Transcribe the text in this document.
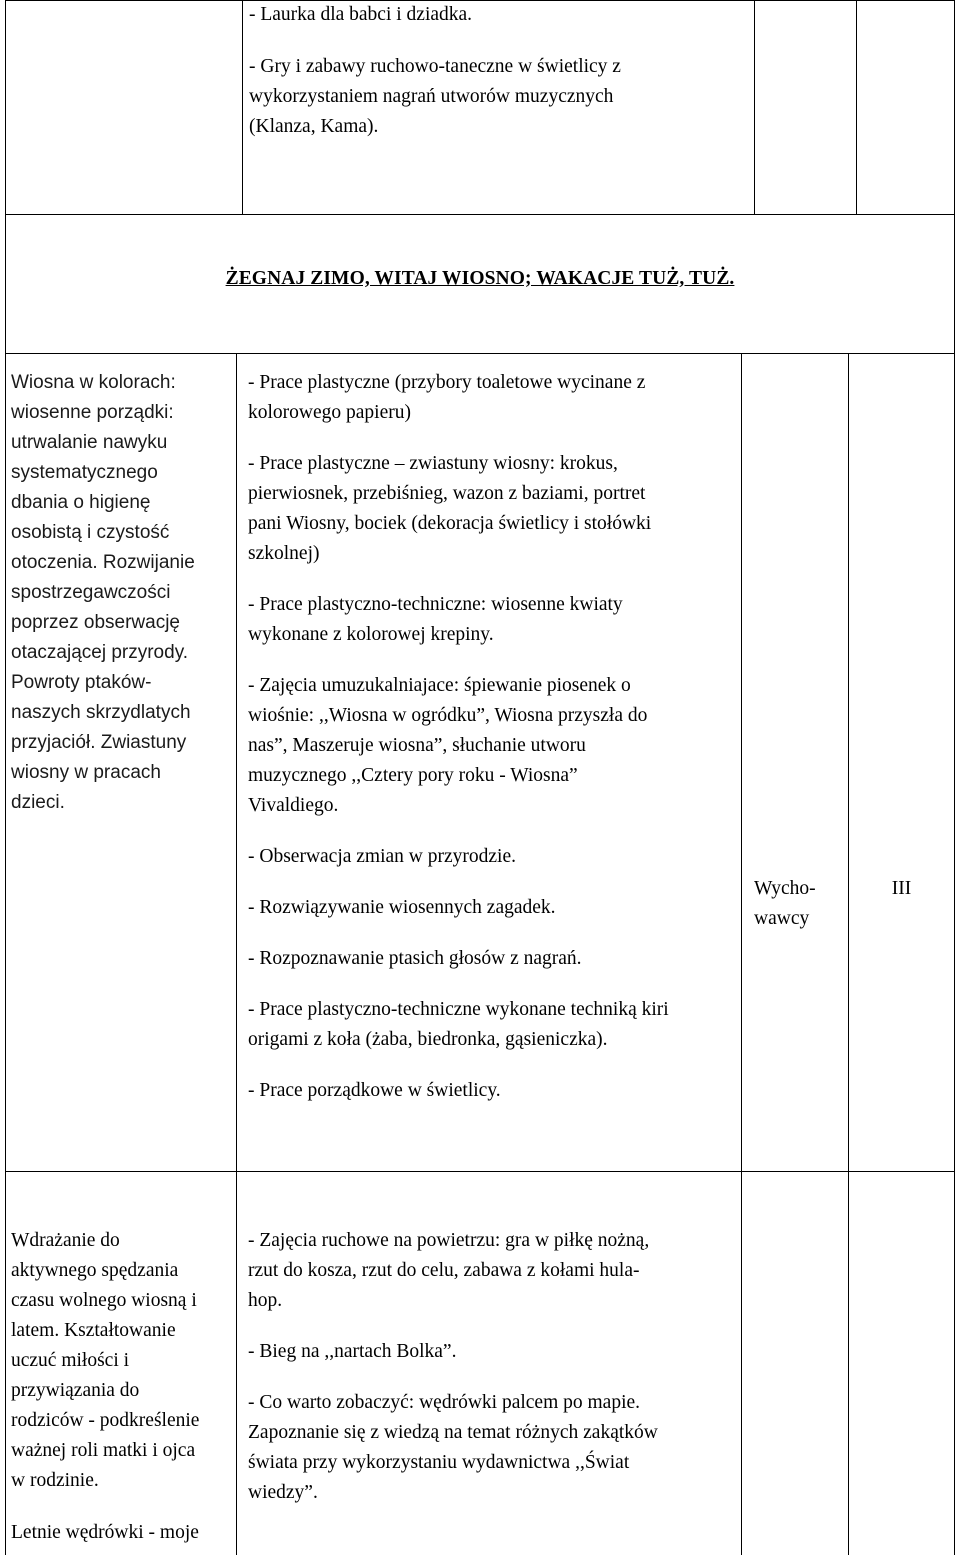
- Laurka dla babci i dziadka.

- Gry i zabawy ruchowo-taneczne w świetlicy z

wykorzystaniem nagrań utworów muzycznych

(Klanza, Kama).

ŻEGNAJ ZIMO, WITAJ WIOSNO; WAKACJE TUŻ, TUŻ.

Wiosna w kolorach:

wiosenne porządki:

utrwalanie nawyku

systematycznego

dbania o higienę

osobistą i czystość

otoczenia. Rozwijanie

spostrzegawczości

poprzez obserwację

otaczającej przyrody.

Powroty ptaków-

naszych skrzydlatych

przyjaciół. Zwiastuny

wiosny w pracach

dzieci.

- Prace plastyczne (przybory toaletowe wycinane z

kolorowego papieru)

- Prace plastyczne – zwiastuny wiosny: krokus,

pierwiosnek, przebiśnieg, wazon z baziami, portret

pani Wiosny, bociek (dekoracja świetlicy i stołówki

szkolnej)

- Prace plastyczno-techniczne: wiosenne kwiaty

wykonane z kolorowej krepiny.

- Zajęcia umuzukalniajace: śpiewanie piosenek o

wiośnie: ,,Wiosna w ogródku”, Wiosna przyszła do

nas”, Maszeruje wiosna”, słuchanie utworu

muzycznego ,,Cztery pory roku - Wiosna”

Vivaldiego.

- Obserwacja zmian w przyrodzie.

- Rozwiązywanie wiosennych zagadek.

- Rozpoznawanie ptasich głosów z nagrań.

- Prace plastyczno-techniczne wykonane techniką kiri

origami z koła (żaba, biedronka, gąsieniczka).

- Prace porządkowe w świetlicy.

Wycho-

wawcy

III

Wdrażanie do

aktywnego spędzania

czasu wolnego wiosną i

latem. Kształtowanie

uczuć miłości i

przywiązania do

rodziców - podkreślenie

ważnej roli matki i ojca

w rodzinie.

Letnie wędrówki - moje

- Zajęcia ruchowe na powietrzu: gra w piłkę nożną,

rzut do kosza, rzut do celu, zabawa z kołami hula-

hop.

- Bieg na ,,nartach Bolka”.

- Co warto zobaczyć: wędrówki palcem po mapie.

Zapoznanie się z wiedzą na temat różnych zakątków

świata przy wykorzystaniu wydawnictwa ,,Świat

wiedzy”.
